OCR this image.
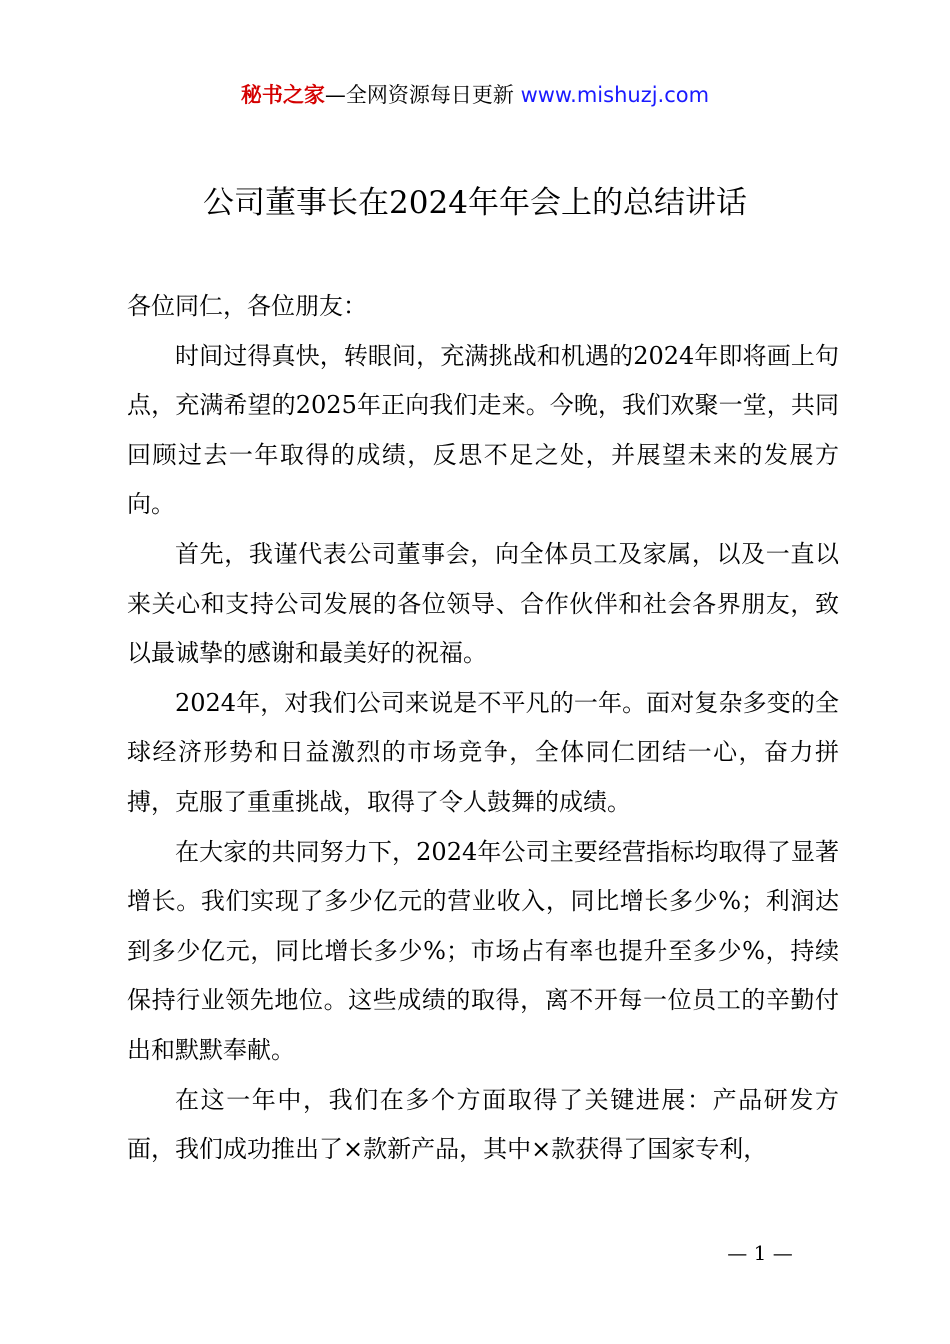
秘书之家—全网资源每日更新 www.mishuzj.com
公司董事长在2024年年会上的总结讲话

各位同仁，各位朋友：

时间过得真快，转眼间，充满挑战和机遇的2024年即将画上句点，充满希望的2025年正向我们走来。今晚，我们欢聚一堂，共同回顾过去一年取得的成绩，反思不足之处，并展望未来的发展方向。

首先，我谨代表公司董事会，向全体员工及家属，以及一直以来关心和支持公司发展的各位领导、合作伙伴和社会各界朋友，致以最诚挚的感谢和最美好的祝福。

2024年，对我们公司来说是不平凡的一年。面对复杂多变的全球经济形势和日益激烈的市场竞争，全体同仁团结一心，奋力拼搏，克服了重重挑战，取得了令人鼓舞的成绩。

在大家的共同努力下，2024年公司主要经营指标均取得了显著增长。我们实现了多少亿元的营业收入，同比增长多少%；利润达到多少亿元，同比增长多少%；市场占有率也提升至多少%，持续保持行业领先地位。这些成绩的取得，离不开每一位员工的辛勤付出和默默奉献。

在这一年中，我们在多个方面取得了关键进展：产品研发方面，我们成功推出了×款新产品，其中×款获得了国家专利，

— 1 —
